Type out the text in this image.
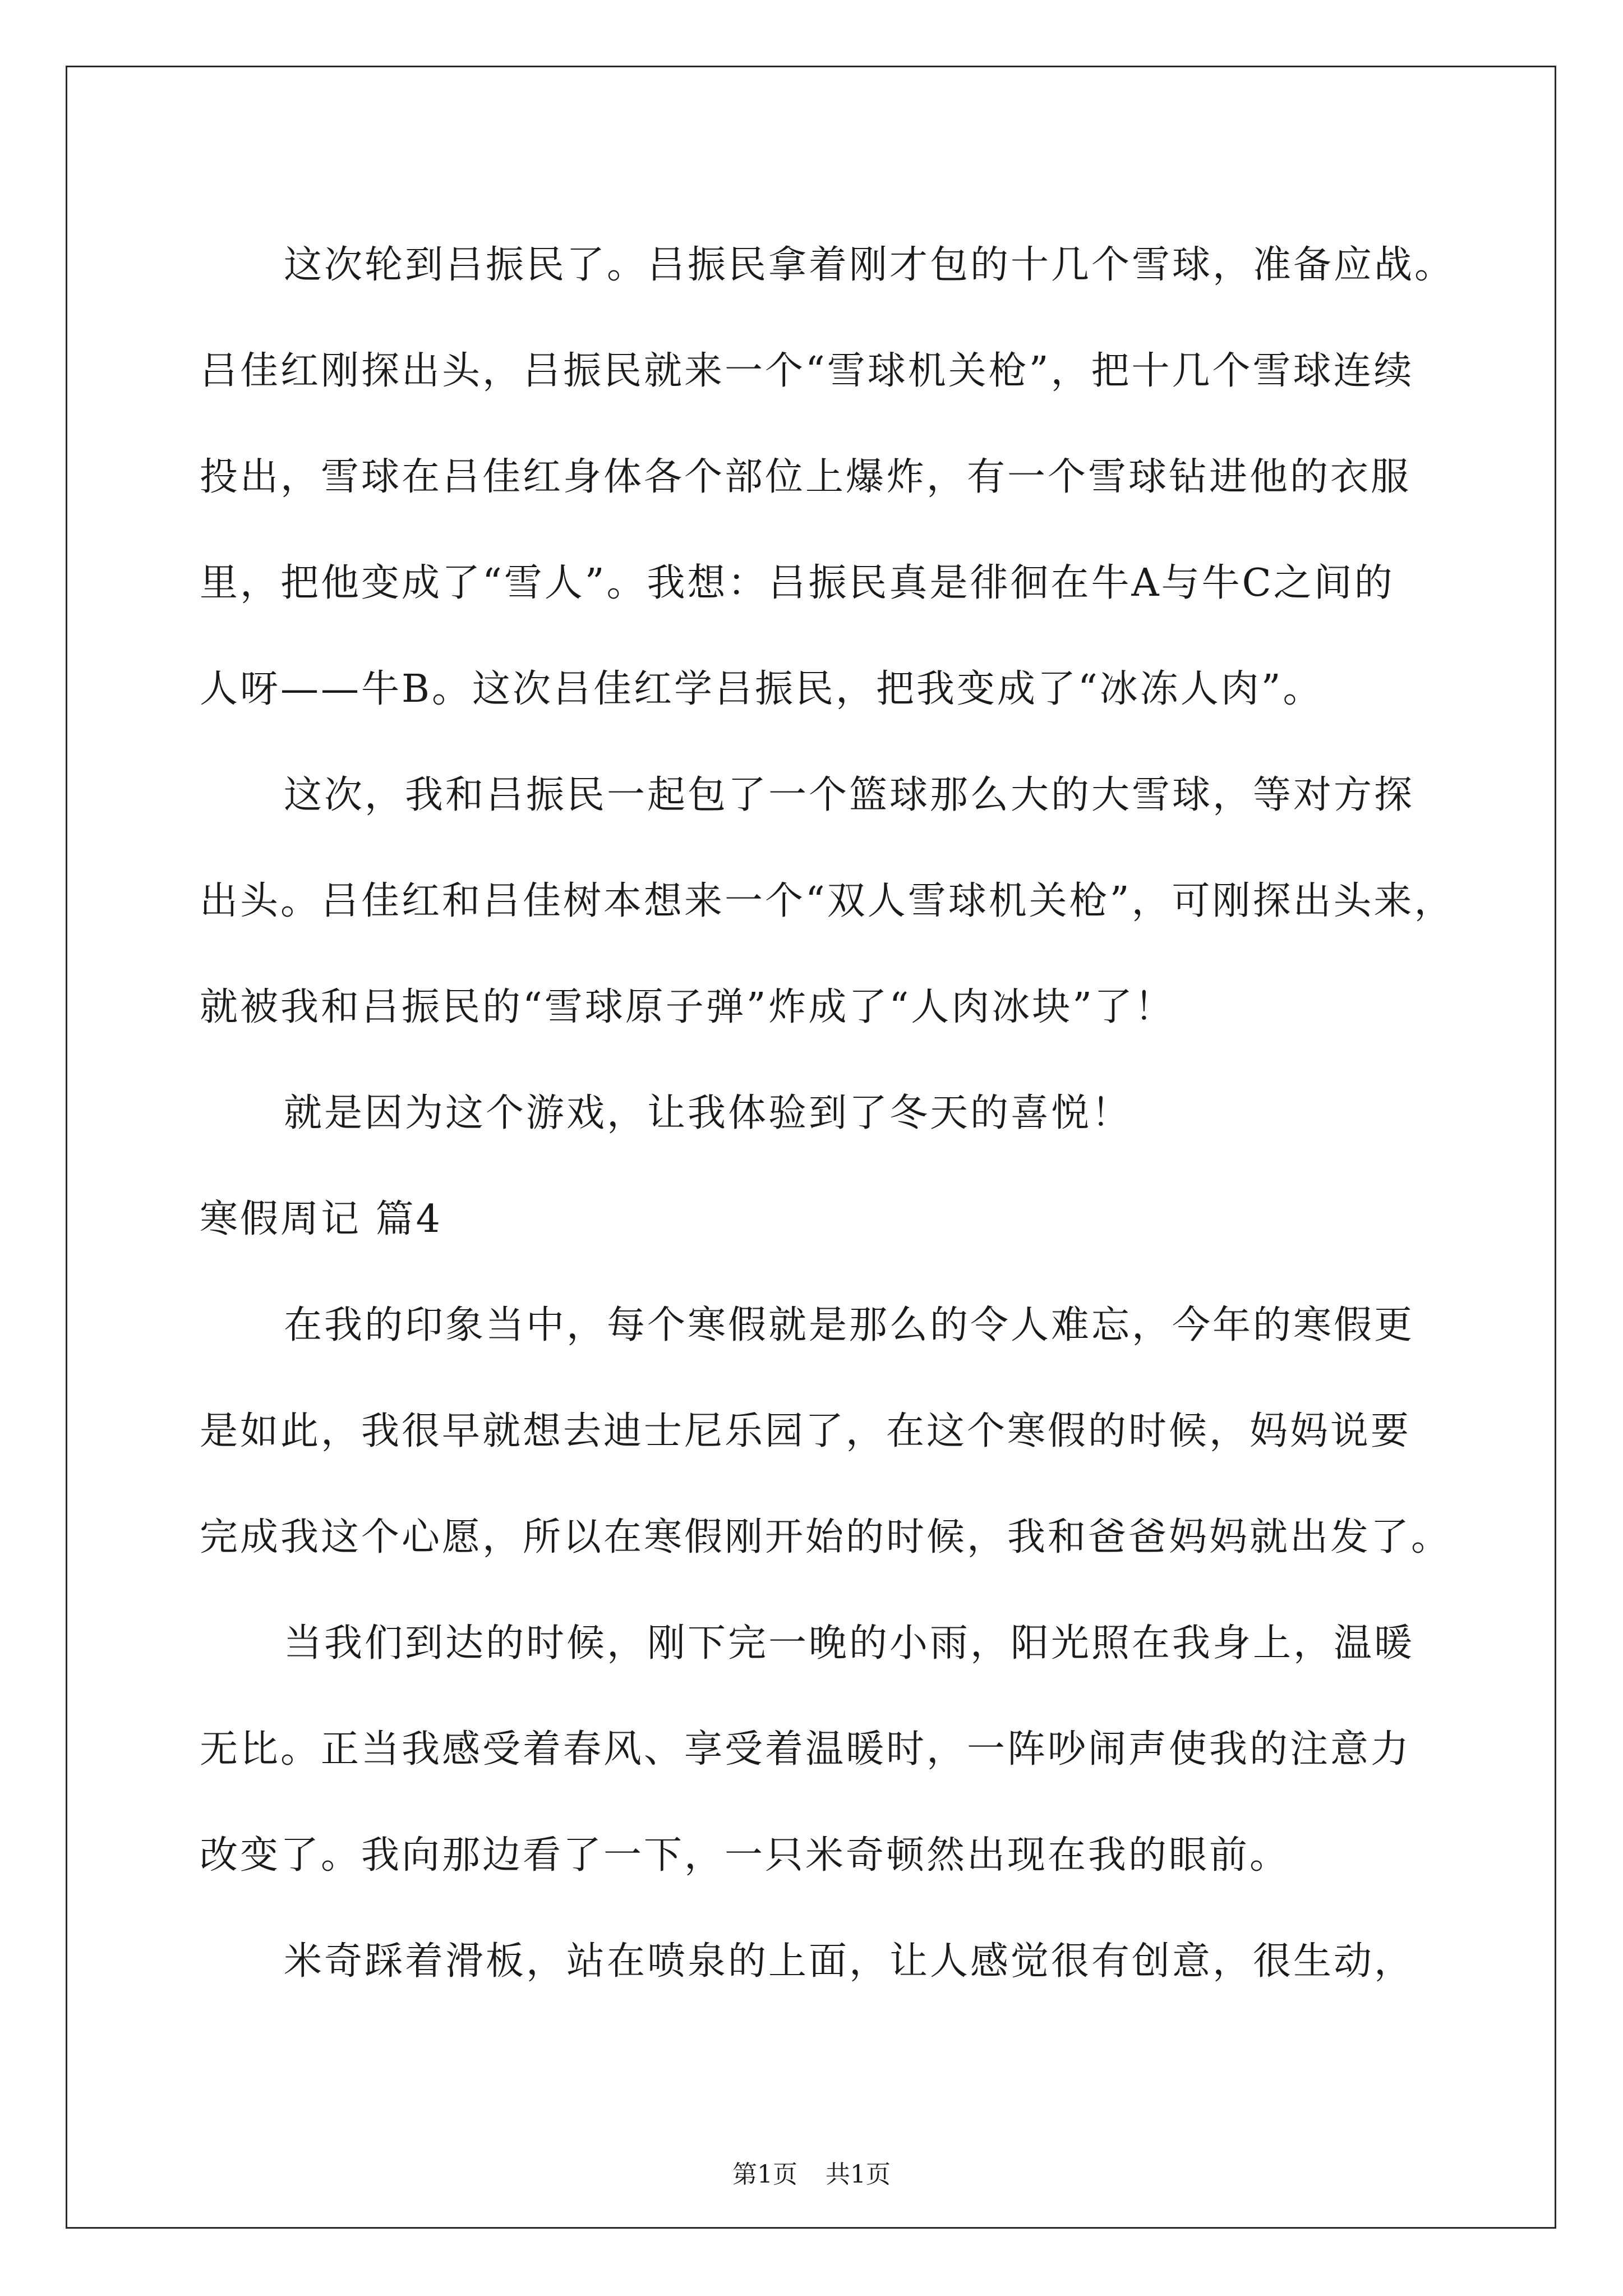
这次轮到吕振民了。吕振民拿着刚才包的十几个雪球，准备应战。

吕佳红刚探出头，吕振民就来一个“雪球机关枪”，把十几个雪球连续

投出，雪球在吕佳红身体各个部位上爆炸，有一个雪球钻进他的衣服

里，把他变成了“雪人”。我想：吕振民真是徘徊在牛A与牛C之间的

人呀——牛B。这次吕佳红学吕振民，把我变成了“冰冻人肉”。

这次，我和吕振民一起包了一个篮球那么大的大雪球，等对方探

出头。吕佳红和吕佳树本想来一个“双人雪球机关枪”，可刚探出头来，

就被我和吕振民的“雪球原子弹”炸成了“人肉冰块”了！

就是因为这个游戏，让我体验到了冬天的喜悦！

寒假周记 篇4

在我的印象当中，每个寒假就是那么的令人难忘，今年的寒假更

是如此，我很早就想去迪士尼乐园了，在这个寒假的时候，妈妈说要

完成我这个心愿，所以在寒假刚开始的时候，我和爸爸妈妈就出发了。

当我们到达的时候，刚下完一晚的小雨，阳光照在我身上，温暖

无比。正当我感受着春风、享受着温暖时，一阵吵闹声使我的注意力

改变了。我向那边看了一下，一只米奇顿然出现在我的眼前。

米奇踩着滑板，站在喷泉的上面，让人感觉很有创意，很生动，

第1页 共1页
